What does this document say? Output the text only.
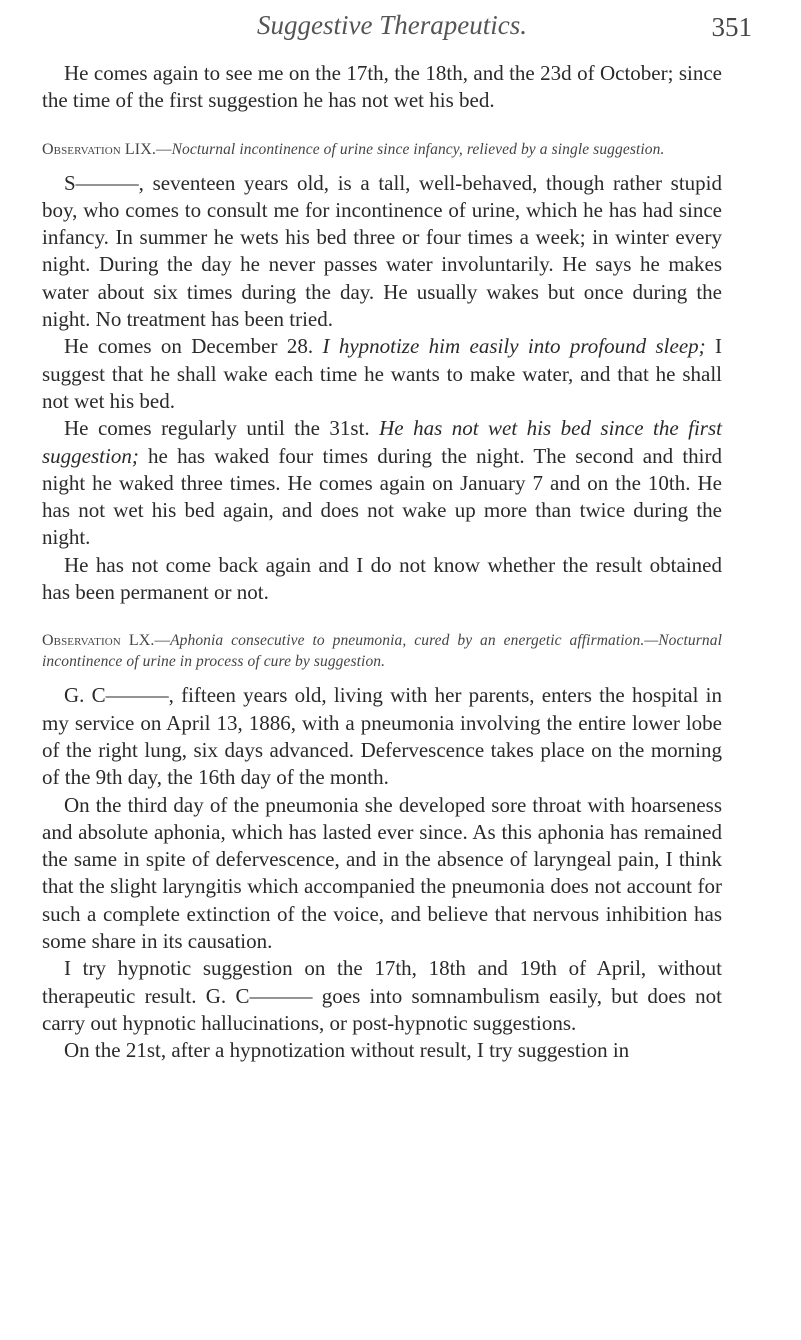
Suggestive Therapeutics.	351

He comes again to see me on the 17th, the 18th, and the 23d of October; since the time of the first suggestion he has not wet his bed.

Observation LIX.—Nocturnal incontinence of urine since infancy, relieved by a single suggestion.

S———, seventeen years old, is a tall, well-behaved, though rather stupid boy, who comes to consult me for incontinence of urine, which he has had since infancy. In summer he wets his bed three or four times a week; in winter every night. During the day he never passes water involuntarily. He says he makes water about six times during the day. He usually wakes but once during the night. No treatment has been tried.

He comes on December 28. I hypnotize him easily into profound sleep; I suggest that he shall wake each time he wants to make water, and that he shall not wet his bed.

He comes regularly until the 31st. He has not wet his bed since the first suggestion; he has waked four times during the night. The second and third night he waked three times. He comes again on January 7 and on the 10th. He has not wet his bed again, and does not wake up more than twice during the night.

He has not come back again and I do not know whether the result obtained has been permanent or not.

Observation LX.—Aphonia consecutive to pneumonia, cured by an energetic affirmation.—Nocturnal incontinence of urine in process of cure by suggestion.

G. C———, fifteen years old, living with her parents, enters the hospital in my service on April 13, 1886, with a pneumonia involving the entire lower lobe of the right lung, six days advanced. Defervescence takes place on the morning of the 9th day, the 16th day of the month.

On the third day of the pneumonia she developed sore throat with hoarseness and absolute aphonia, which has lasted ever since. As this aphonia has remained the same in spite of defervescence, and in the absence of laryngeal pain, I think that the slight laryngitis which accompanied the pneumonia does not account for such a complete extinction of the voice, and believe that nervous inhibition has some share in its causation.

I try hypnotic suggestion on the 17th, 18th and 19th of April, without therapeutic result. G. C——— goes into somnambulism easily, but does not carry out hypnotic hallucinations, or post-hypnotic suggestions.

On the 21st, after a hypnotization without result, I try suggestion in
